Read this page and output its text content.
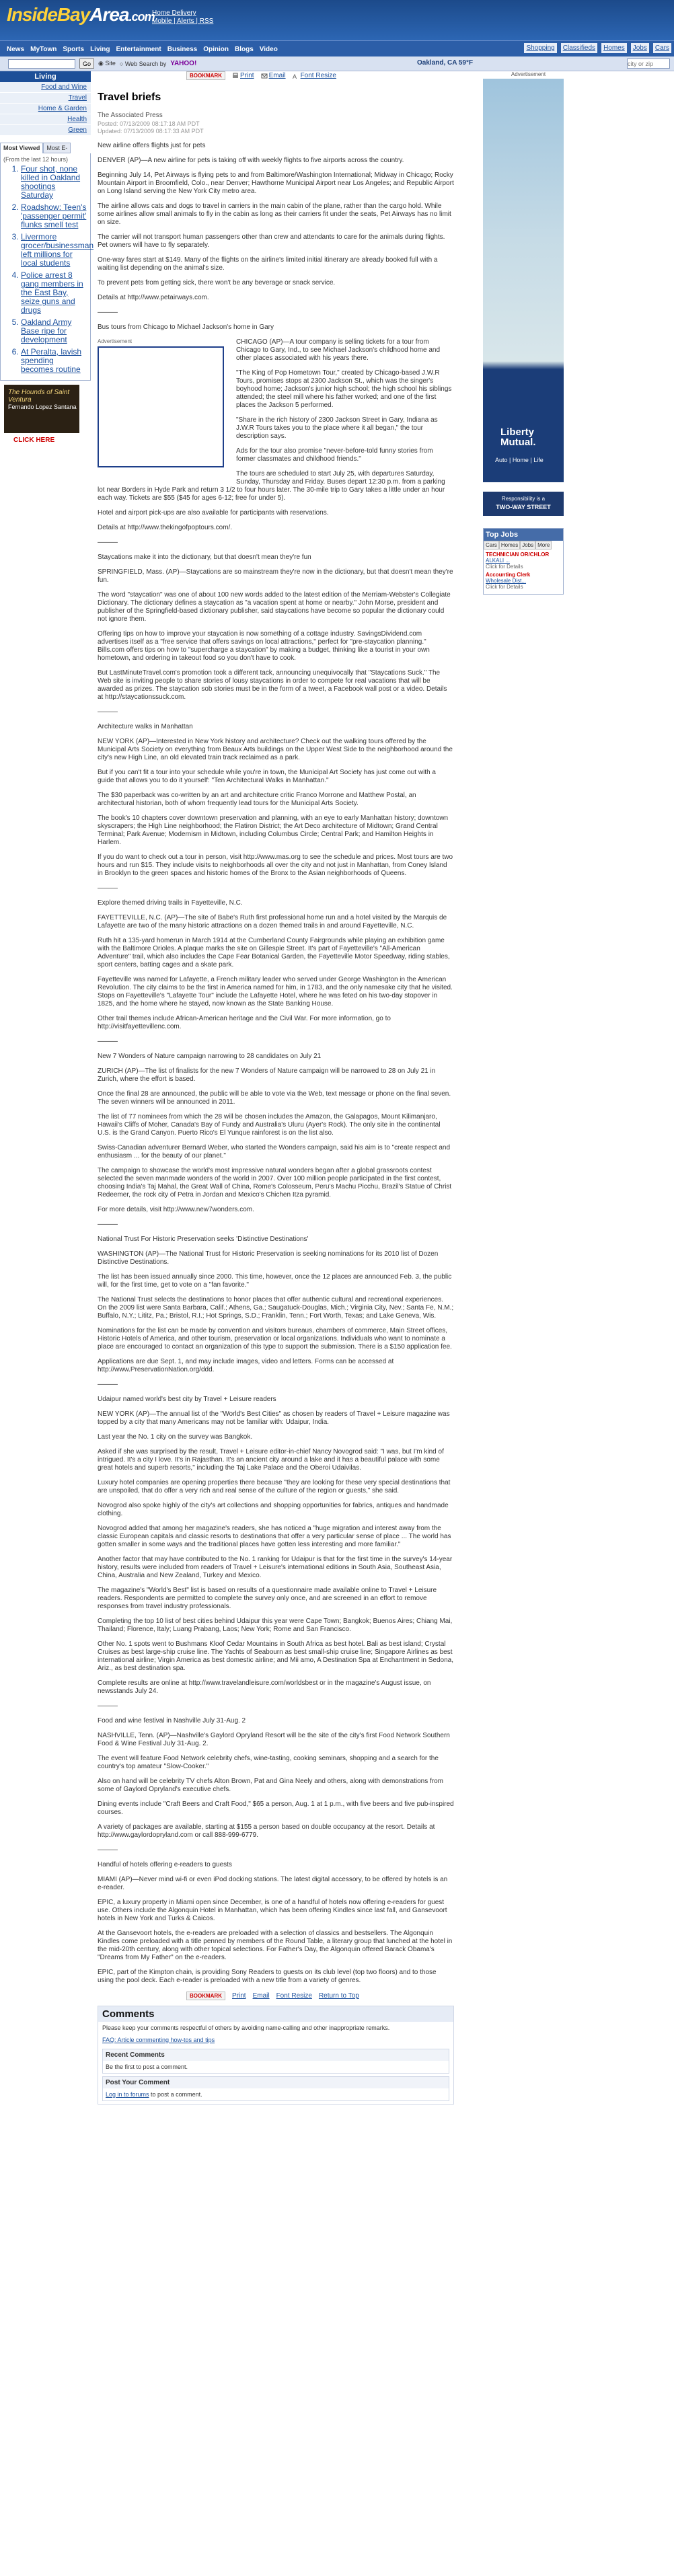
InsideBayArea.com
Home Delivery
Mobile | Alerts | RSS
News MyTown Sports Living Entertainment Business Opinion Blogs Video	Shopping	Classifieds	Homes	Jobs	Cars
Go	◉ Site ○ Web Search by YAHOO!	Oakland, CA 59°F
city or zip
Living
Food and Wine
Travel
Home & Garden
Health
Green
Most Viewed	Most E-
(From the last 12 hours)
1. Four shot, none killed in Oakland shootings Saturday
2. Roadshow: Teen's 'passenger permit' flunks smell test
3. Livermore grocer/businessman left millions for local students
4. Police arrest 8 gang members in the East Bay, seize guns and drugs
5. Oakland Army Base ripe for development
6. At Peralta, lavish spending becomes routine
The Hounds of Saint Ventura
Fernando Lopez Santana
CLICK HERE
BOOKMARK	Print Email A Font Resize
Travel briefs
The Associated Press
Posted: 07/13/2009 08:17:18 AM PDT
Updated: 07/13/2009 08:17:33 AM PDT

New airline offers flights just for pets

DENVER (AP)—A new airline for pets is taking off with weekly flights to five airports across the country.

Beginning July 14, Pet Airways is flying pets to and from Baltimore/Washington International; Midway in Chicago; Rocky Mountain Airport in Broomfield, Colo., near Denver; Hawthorne Municipal Airport near Los Angeles; and Republic Airport on Long Island serving the New York City metro area.

The airline allows cats and dogs to travel in carriers in the main cabin of the plane, rather than the cargo hold. While some airlines allow small animals to fly in the cabin as long as their carriers fit under the seats, Pet Airways has no limit on size.

The carrier will not transport human passengers other than crew and attendants to care for the animals during flights. Pet owners will have to fly separately.

One-way fares start at $149. Many of the flights on the airline's limited initial itinerary are already booked full with a waiting list depending on the animal's size.

To prevent pets from getting sick, there won't be any beverage or snack service.

Details at http://www.petairways.com.

———

Bus tours from Chicago to Michael Jackson's home in Gary

Advertisement	CHICAGO (AP)—A tour company is selling tickets for a tour from Chicago to Gary, Ind., to see Michael Jackson's childhood home and other places associated with his years there.

"The King of Pop Hometown Tour," created by Chicago-based J.W.R Tours, promises stops at 2300 Jackson St., which was the singer's boyhood home; Jackson's junior high school; the high school his siblings attended; the steel mill where his father worked; and one of the first places the Jackson 5 performed.

"Share in the rich history of 2300 Jackson Street in Gary, Indiana as J.W.R Tours takes you to the place where it all began," the tour description says.

Ads for the tour also promise "never-before-told funny stories from former classmates and childhood friends."

The tours are scheduled to start July 25, with departures Saturday, Sunday, Thursday and Friday. Buses depart 12:30 p.m. from a parking lot near Borders in Hyde Park and return 3 1/2 to four hours later. The 30-mile trip to Gary takes a little under an hour each way. Tickets are $55 ($45 for ages 6-12; free for under 5).

Hotel and airport pick-ups are also available for participants with reservations.

Details at http://www.thekingofpoptours.com/.

———

Staycations make it into the dictionary, but that doesn't mean they're fun

SPRINGFIELD, Mass. (AP)—Staycations are so mainstream they're now in the dictionary, but that doesn't mean they're fun.

The word "staycation" was one of about 100 new words added to the latest edition of the Merriam-Webster's Collegiate Dictionary. The dictionary defines a staycation as "a vacation spent at home or nearby." John Morse, president and publisher of the Springfield-based dictionary publisher, said staycations have become so popular the dictionary could not ignore them.

Offering tips on how to improve your staycation is now something of a cottage industry. SavingsDividend.com advertises itself as a "free service that offers savings on local attractions," perfect for "pre-staycation planning." Bills.com offers tips on how to "supercharge a staycation" by making a budget, thinking like a tourist in your own hometown, and ordering in takeout food so you don't have to cook.

But LastMinuteTravel.com's promotion took a different tack, announcing unequivocally that "Staycations Suck." The Web site is inviting people to share stories of lousy staycations in order to compete for real vacations that will be awarded as prizes. The staycation sob stories must be in the form of a tweet, a Facebook wall post or a video. Details at http://staycationssuck.com.

———

Architecture walks in Manhattan

NEW YORK (AP)—Interested in New York history and architecture? Check out the walking tours offered by the Municipal Arts Society on everything from Beaux Arts buildings on the Upper West Side to the neighborhood around the city's new High Line, an old elevated train track reclaimed as a park.

But if you can't fit a tour into your schedule while you're in town, the Municipal Art Society has just come out with a guide that allows you to do it yourself: "Ten Architectural Walks in Manhattan."

The $30 paperback was co-written by an art and architecture critic Franco Morrone and Matthew Postal, an architectural historian, both of whom frequently lead tours for the Municipal Arts Society.

The book's 10 chapters cover downtown preservation and planning, with an eye to early Manhattan history; downtown skyscrapers; the High Line neighborhood; the Flatiron District; the Art Deco architecture of Midtown; Grand Central Terminal; Park Avenue; Modernism in Midtown, including Columbus Circle; Central Park; and Hamilton Heights in Harlem.

If you do want to check out a tour in person, visit http://www.mas.org to see the schedule and prices. Most tours are two hours and run $15. They include visits to neighborhoods all over the city and not just in Manhattan, from Coney Island in Brooklyn to the green spaces and historic homes of the Bronx to the Asian neighborhoods of Queens.

———

Explore themed driving trails in Fayetteville, N.C.

FAYETTEVILLE, N.C. (AP)—The site of Babe's Ruth first professional home run and a hotel visited by the Marquis de Lafayette are two of the many historic attractions on a dozen themed trails in and around Fayetteville, N.C.

Ruth hit a 135-yard homerun in March 1914 at the Cumberland County Fairgrounds while playing an exhibition game with the Baltimore Orioles. A plaque marks the site on Gillespie Street. It's part of Fayetteville's "All-American Adventure" trail, which also includes the Cape Fear Botanical Garden, the Fayetteville Motor Speedway, riding stables, sport centers, batting cages and a skate park.

Fayetteville was named for Lafayette, a French military leader who served under George Washington in the American Revolution. The city claims to be the first in America named for him, in 1783, and the only namesake city that he visited. Stops on Fayetteville's "Lafayette Tour" include the Lafayette Hotel, where he was feted on his two-day stopover in 1825, and the home where he stayed, now known as the State Banking House.

Other trail themes include African-American heritage and the Civil War. For more information, go to http://visitfayettevillenc.com.

———

New 7 Wonders of Nature campaign narrowing to 28 candidates on July 21

ZURICH (AP)—The list of finalists for the new 7 Wonders of Nature campaign will be narrowed to 28 on July 21 in Zurich, where the effort is based.

Once the final 28 are announced, the public will be able to vote via the Web, text message or phone on the final seven. The seven winners will be announced in 2011.

The list of 77 nominees from which the 28 will be chosen includes the Amazon, the Galapagos, Mount Kilimanjaro, Hawaii's Cliffs of Moher, Canada's Bay of Fundy and Australia's Uluru (Ayer's Rock). The only site in the continental U.S. is the Grand Canyon. Puerto Rico's El Yunque rainforest is on the list also.

Swiss-Canadian adventurer Bernard Weber, who started the Wonders campaign, said his aim is to "create respect and enthusiasm ... for the beauty of our planet."

The campaign to showcase the world's most impressive natural wonders began after a global grassroots contest selected the seven manmade wonders of the world in 2007. Over 100 million people participated in the first contest, choosing India's Taj Mahal, the Great Wall of China, Rome's Colosseum, Peru's Machu Picchu, Brazil's Statue of Christ Redeemer, the rock city of Petra in Jordan and Mexico's Chichen Itza pyramid.

For more details, visit http://www.new7wonders.com.

———

National Trust For Historic Preservation seeks 'Distinctive Destinations'

WASHINGTON (AP)—The National Trust for Historic Preservation is seeking nominations for its 2010 list of Dozen Distinctive Destinations.

The list has been issued annually since 2000. This time, however, once the 12 places are announced Feb. 3, the public will, for the first time, get to vote on a "fan favorite."

The National Trust selects the destinations to honor places that offer authentic cultural and recreational experiences. On the 2009 list were Santa Barbara, Calif.; Athens, Ga.; Saugatuck-Douglas, Mich.; Virginia City, Nev.; Santa Fe, N.M.; Buffalo, N.Y.; Lititz, Pa.; Bristol, R.I.; Hot Springs, S.D.; Franklin, Tenn.; Fort Worth, Texas; and Lake Geneva, Wis.

Nominations for the list can be made by convention and visitors bureaus, chambers of commerce, Main Street offices, Historic Hotels of America, and other tourism, preservation or local organizations. Individuals who want to nominate a place are encouraged to contact an organization of this type to support the submission. There is a $150 application fee.

Applications are due Sept. 1, and may include images, video and letters. Forms can be accessed at http://www.PreservationNation.org/ddd.

———

Udaipur named world's best city by Travel + Leisure readers

NEW YORK (AP)—The annual list of the "World's Best Cities" as chosen by readers of Travel + Leisure magazine was topped by a city that many Americans may not be familiar with: Udaipur, India.

Last year the No. 1 city on the survey was Bangkok.

Asked if she was surprised by the result, Travel + Leisure editor-in-chief Nancy Novogrod said: "I was, but I'm kind of intrigued. It's a city I love. It's in Rajasthan. It's an ancient city around a lake and it has a beautiful palace with some great hotels and superb resorts," including the Taj Lake Palace and the Oberoi Udaivilas.

Luxury hotel companies are opening properties there because "they are looking for these very special destinations that are unspoiled, that do offer a very rich and real sense of the culture of the region or guests," she said.

Novogrod also spoke highly of the city's art collections and shopping opportunities for fabrics, antiques and handmade clothing.

Novogrod added that among her magazine's readers, she has noticed a "huge migration and interest away from the classic European capitals and classic resorts to destinations that offer a very particular sense of place ... The world has gotten smaller in some ways and the traditional places have gotten less interesting and more familiar."

Another factor that may have contributed to the No. 1 ranking for Udaipur is that for the first time in the survey's 14-year history, results were included from readers of Travel + Leisure's international editions in South Asia, Southeast Asia, China, Australia and New Zealand, Turkey and Mexico.

The magazine's "World's Best" list is based on results of a questionnaire made available online to Travel + Leisure readers. Respondents are permitted to complete the survey only once, and are screened in an effort to remove responses from travel industry professionals.

Completing the top 10 list of best cities behind Udaipur this year were Cape Town; Bangkok; Buenos Aires; Chiang Mai, Thailand; Florence, Italy; Luang Prabang, Laos; New York; Rome and San Francisco.

Other No. 1 spots went to Bushmans Kloof Cedar Mountains in South Africa as best hotel. Bali as best island; Crystal Cruises as best large-ship cruise line. The Yachts of Seabourn as best small-ship cruise line; Singapore Airlines as best international airline; Virgin America as best domestic airline; and Mii amo, A Destination Spa at Enchantment in Sedona, Ariz., as best destination spa.

Complete results are online at http://www.travelandleisure.com/worldsbest or in the magazine's August issue, on newsstands July 24.

———

Food and wine festival in Nashville July 31-Aug. 2

NASHVILLE, Tenn. (AP)—Nashville's Gaylord Opryland Resort will be the site of the city's first Food Network Southern Food & Wine Festival July 31-Aug. 2.

The event will feature Food Network celebrity chefs, wine-tasting, cooking seminars, shopping and a search for the country's top amateur "Slow-Cooker."

Also on hand will be celebrity TV chefs Alton Brown, Pat and Gina Neely and others, along with demonstrations from some of Gaylord Opryland's executive chefs.

Dining events include "Craft Beers and Craft Food," $65 a person, Aug. 1 at 1 p.m., with five beers and five pub-inspired courses.

A variety of packages are available, starting at $155 a person based on double occupancy at the resort. Details at http://www.gaylordopryland.com or call 888-999-6779.

———

Handful of hotels offering e-readers to guests

MIAMI (AP)—Never mind wi-fi or even iPod docking stations. The latest digital accessory, to be offered by hotels is an e-reader.

EPIC, a luxury property in Miami open since December, is one of a handful of hotels now offering e-readers for guest use. Others include the Algonquin Hotel in Manhattan, which has been offering Kindles since last fall, and Gansevoort hotels in New York and Turks & Caicos.

At the Gansevoort hotels, the e-readers are preloaded with a selection of classics and bestsellers. The Algonquin Kindles come preloaded with a title penned by members of the Round Table, a literary group that lunched at the hotel in the mid-20th century, along with other topical selections. For Father's Day, the Algonquin offered Barack Obama's "Dreams from My Father" on the e-readers.

EPIC, part of the Kimpton chain, is providing Sony Readers to guests on its club level (top two floors) and to those using the pool deck. Each e-reader is preloaded with a new title from a variety of genres.

BOOKMARK	Print Email Font Resize Return to Top
Comments
Please keep your comments respectful of others by avoiding name-calling and other inappropriate remarks.
FAQ: Article commenting how-tos and tips
Recent Comments
Be the first to post a comment.
Post Your Comment
Log in to forums to post a comment.
Advertisement
Liberty Mutual.
Auto | Home | Life
Responsibility is a
TWO-WAY STREET
Top Jobs
Cars Homes Jobs More
TECHNICIAN OR/CHLOR
ALKALI ...
Click for Details
Accounting Clerk
Wholesale Dist...
Click for Details
